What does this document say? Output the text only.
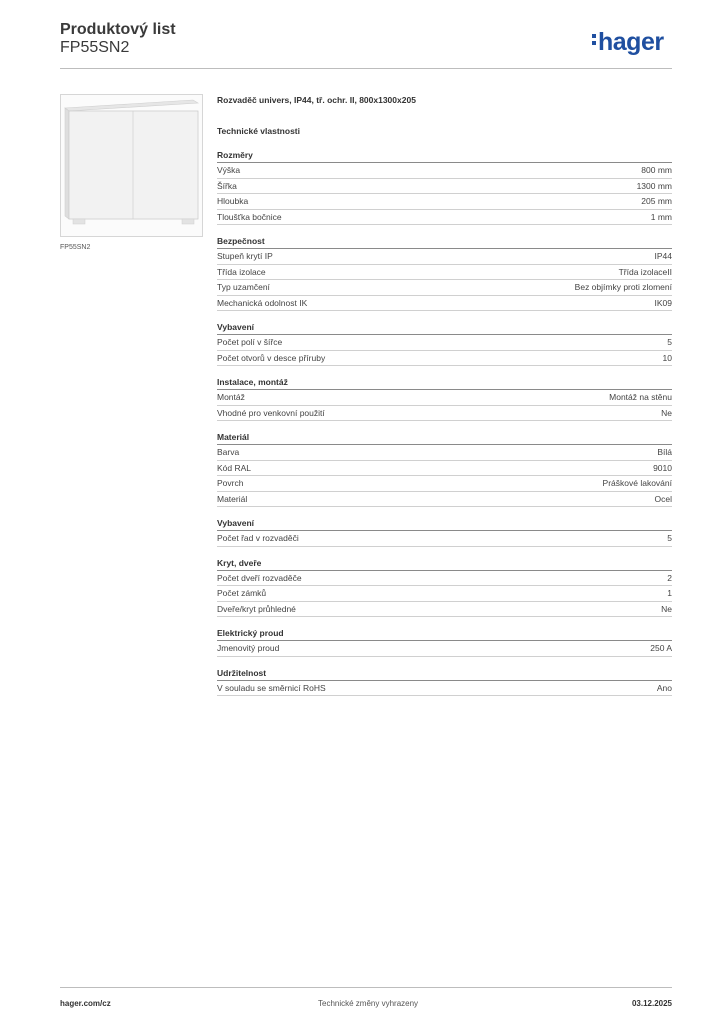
Produktový list
FP55SN2	hager
FP55SN2
Rozvaděč univers, IP44, tř. ochr. II, 800x1300x205
Technické vlastnosti
Rozměry
Výška	800 mm
Šířka	1300 mm
Hloubka	205 mm
Tloušťka bočnice	1 mm
Bezpečnost
Stupeň krytí IP	IP44
Třída izolace	Třída izolaceII
Typ uzamčení	Bez objímky proti zlomení
Mechanická odolnost IK	IK09
Vybavení
Počet polí v šířce	5
Počet otvorů v desce příruby	10
Instalace, montáž
Montáž	Montáž na stěnu
Vhodné pro venkovní použití	Ne
Materiál
Barva	Bílá
Kód RAL	9010
Povrch	Práškové lakování
Materiál	Ocel
Vybavení
Počet řad v rozvaděči	5
Kryt, dveře
Počet dveří rozvaděče	2
Počet zámků	1
Dveře/kryt průhledné	Ne
Elektrický proud
Jmenovitý proud	250 A
Udržitelnost
V souladu se směrnicí RoHS	Ano
hager.com/cz	Technické změny vyhrazeny	03.12.2025
